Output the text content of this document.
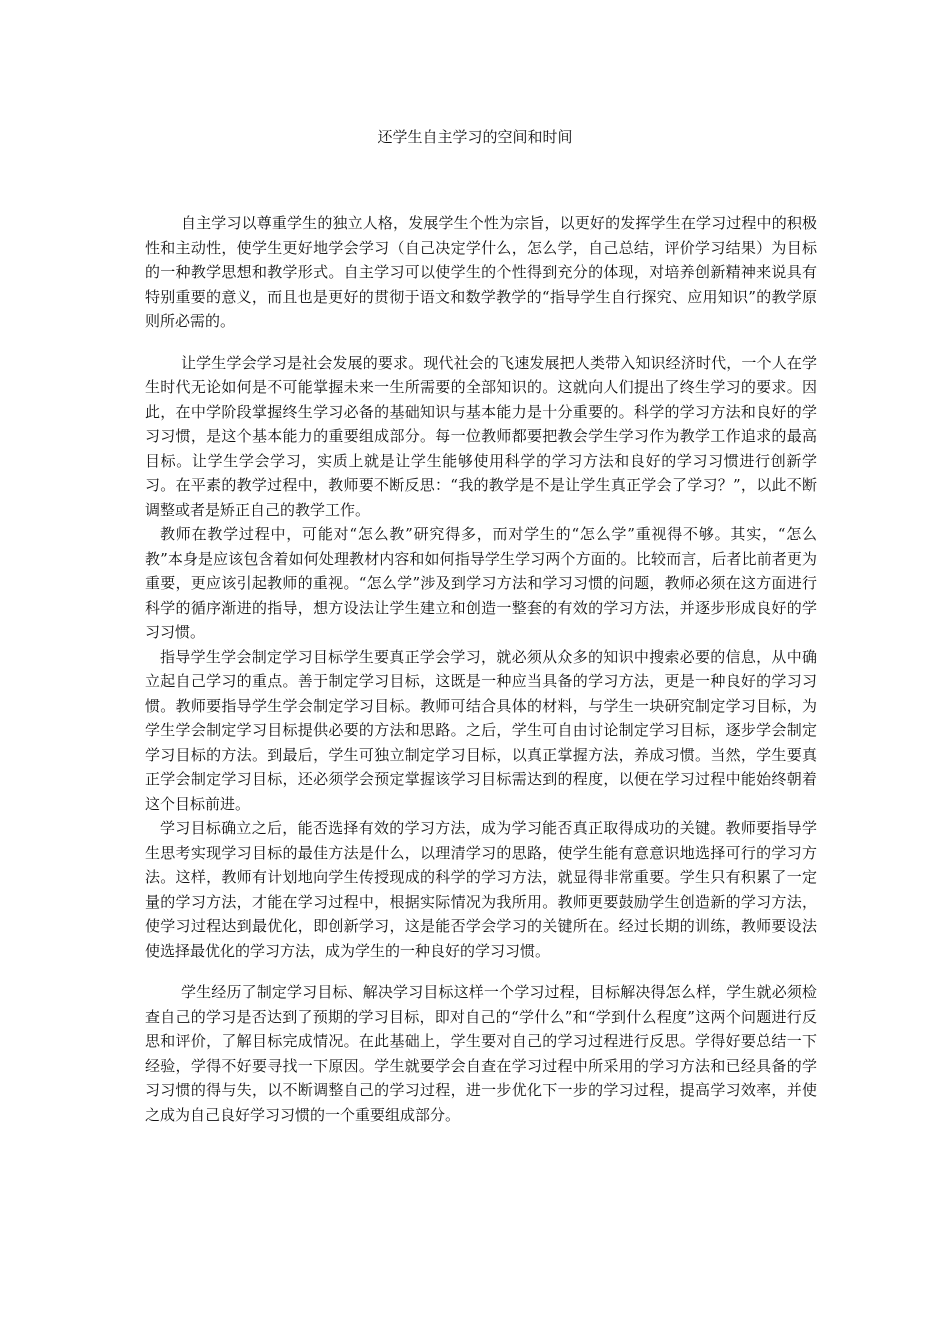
还学生自主学习的空间和时间

自主学习以尊重学生的独立人格，发展学生个性为宗旨，以更好的发挥学生在学习过程中的积极性和主动性，使学生更好地学会学习（自己决定学什么，怎么学，自己总结，评价学习结果）为目标的一种教学思想和教学形式。自主学习可以使学生的个性得到充分的体现，对培养创新精神来说具有特别重要的意义，而且也是更好的贯彻于语文和数学教学的“指导学生自行探究、应用知识”的教学原则所必需的。

让学生学会学习是社会发展的要求。现代社会的飞速发展把人类带入知识经济时代，一个人在学生时代无论如何是不可能掌握未来一生所需要的全部知识的。这就向人们提出了终生学习的要求。因此，在中学阶段掌握终生学习必备的基础知识与基本能力是十分重要的。科学的学习方法和良好的学习习惯，是这个基本能力的重要组成部分。每一位教师都要把教会学生学习作为教学工作追求的最高目标。让学生学会学习，实质上就是让学生能够使用科学的学习方法和良好的学习习惯进行创新学习。在平素的教学过程中，教师要不断反思：“我的教学是不是让学生真正学会了学习？”，以此不断调整或者是矫正自己的教学工作。

教师在教学过程中，可能对“怎么教”研究得多，而对学生的“怎么学”重视得不够。其实，“怎么教”本身是应该包含着如何处理教材内容和如何指导学生学习两个方面的。比较而言，后者比前者更为重要，更应该引起教师的重视。“怎么学”涉及到学习方法和学习习惯的问题，教师必须在这方面进行科学的循序渐进的指导，想方设法让学生建立和创造一整套的有效的学习方法，并逐步形成良好的学习习惯。

指导学生学会制定学习目标学生要真正学会学习，就必须从众多的知识中搜索必要的信息，从中确立起自己学习的重点。善于制定学习目标，这既是一种应当具备的学习方法，更是一种良好的学习习惯。教师要指导学生学会制定学习目标。教师可结合具体的材料，与学生一块研究制定学习目标，为学生学会制定学习目标提供必要的方法和思路。之后，学生可自由讨论制定学习目标，逐步学会制定学习目标的方法。到最后，学生可独立制定学习目标，以真正掌握方法，养成习惯。当然，学生要真正学会制定学习目标，还必须学会预定掌握该学习目标需达到的程度，以便在学习过程中能始终朝着这个目标前进。

学习目标确立之后，能否选择有效的学习方法，成为学习能否真正取得成功的关键。教师要指导学生思考实现学习目标的最佳方法是什么，以理清学习的思路，使学生能有意意识地选择可行的学习方法。这样，教师有计划地向学生传授现成的科学的学习方法，就显得非常重要。学生只有积累了一定量的学习方法，才能在学习过程中，根据实际情况为我所用。教师更要鼓励学生创造新的学习方法，使学习过程达到最优化，即创新学习，这是能否学会学习的关键所在。经过长期的训练，教师要设法使选择最优化的学习方法，成为学生的一种良好的学习习惯。

学生经历了制定学习目标、解决学习目标这样一个学习过程，目标解决得怎么样，学生就必须检查自己的学习是否达到了预期的学习目标，即对自己的“学什么”和“学到什么程度”这两个问题进行反思和评价，了解目标完成情况。在此基础上，学生要对自己的学习过程进行反思。学得好要总结一下经验，学得不好要寻找一下原因。学生就要学会自查在学习过程中所采用的学习方法和已经具备的学习习惯的得与失，以不断调整自己的学习过程，进一步优化下一步的学习过程，提高学习效率，并使之成为自己良好学习习惯的一个重要组成部分。
